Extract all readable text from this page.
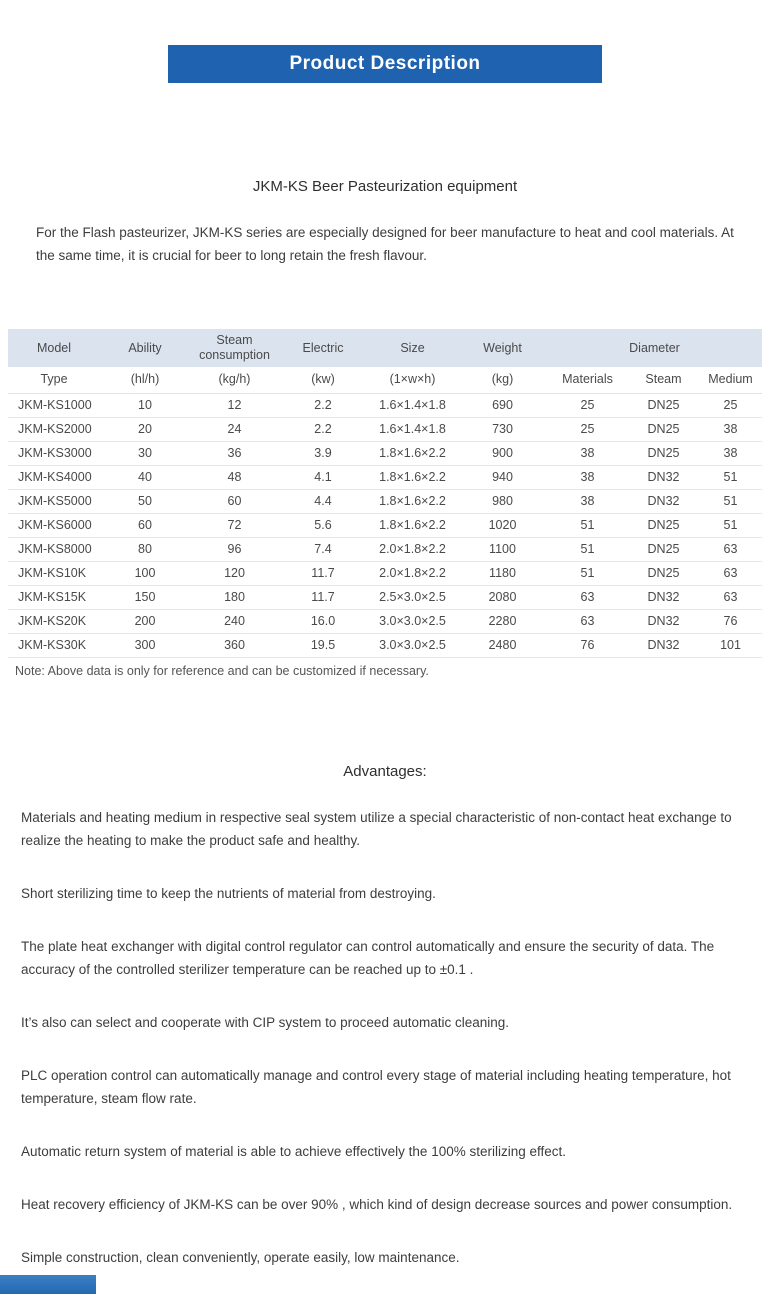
Product Description
JKM-KS Beer Pasteurization equipment

For the Flash pasteurizer, JKM-KS series are especially designed for beer manufacture to heat and cool materials. At the same time, it is crucial for beer to long retain the fresh flavour.

Model	Ability	Steam consumption	Electric	Size	Weight	Diameter		
Type	(hl/h)	(kg/h)	(kw)	(1×w×h)	(kg)	Materials	Steam	Medium
JKM-KS1000	10	12	2.2	1.6×1.4×1.8	690	25	DN25	25
JKM-KS2000	20	24	2.2	1.6×1.4×1.8	730	25	DN25	38
JKM-KS3000	30	36	3.9	1.8×1.6×2.2	900	38	DN25	38
JKM-KS4000	40	48	4.1	1.8×1.6×2.2	940	38	DN32	51
JKM-KS5000	50	60	4.4	1.8×1.6×2.2	980	38	DN32	51
JKM-KS6000	60	72	5.6	1.8×1.6×2.2	1020	51	DN25	51
JKM-KS8000	80	96	7.4	2.0×1.8×2.2	1100	51	DN25	63
JKM-KS10K	100	120	11.7	2.0×1.8×2.2	1180	51	DN25	63
JKM-KS15K	150	180	11.7	2.5×3.0×2.5	2080	63	DN32	63
JKM-KS20K	200	240	16.0	3.0×3.0×2.5	2280	63	DN32	76
JKM-KS30K	300	360	19.5	3.0×3.0×2.5	2480	76	DN32	101
Note: Above data is only for reference and can be customized if necessary.
Advantages:

Materials and heating medium in respective seal system utilize a special characteristic of non-contact heat exchange to realize the heating to make the product safe and healthy.

Short sterilizing time to keep the nutrients of material from destroying.

The plate heat exchanger with digital control regulator can control automatically and ensure the security of data. The accuracy of the controlled sterilizer temperature can be reached up to ±0.1 .

It’s also can select and cooperate with CIP system to proceed automatic cleaning.

PLC operation control can automatically manage and control every stage of material including heating temperature, hot temperature, steam flow rate.

Automatic return system of material is able to achieve effectively the 100% sterilizing effect.

Heat recovery efficiency of JKM-KS can be over 90% , which kind of design decrease sources and power consumption.

Simple construction, clean conveniently, operate easily, low maintenance.
